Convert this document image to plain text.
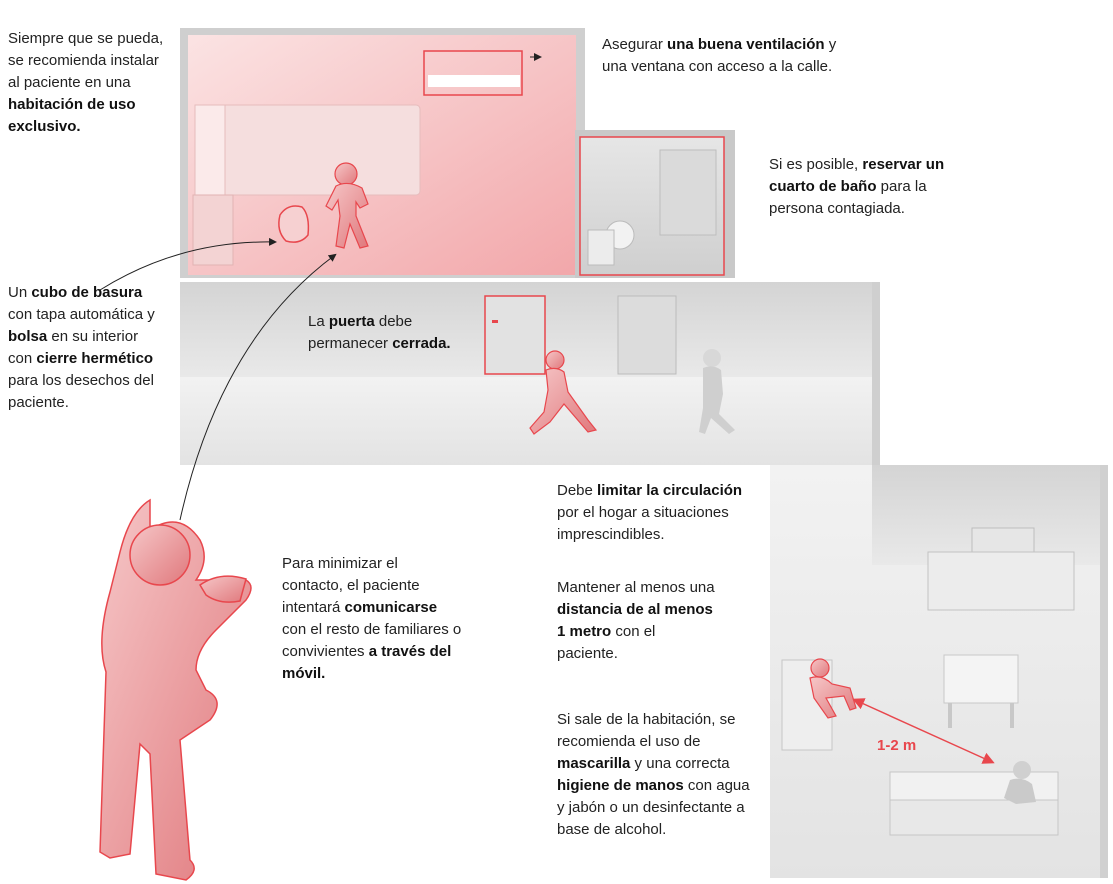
Siempre que se pueda, se recomienda instalar al paciente en una habitación de uso exclusivo.
Asegurar una buena ventilación y una ventana con acceso a la calle.
Si es posible, reservar un cuarto de baño para la persona contagiada.
Un cubo de basura con tapa automática y bolsa en su interior con cierre hermético para los desechos del paciente.
La puerta debe permanecer cerrada.
Para minimizar el contacto, el paciente intentará comunicarse con el resto de familiares o convivientes a través del móvil.
Debe limitar la circulación por el hogar a situaciones imprescindibles.
Mantener al menos una distancia de al menos 1 metro con el paciente.
Si sale de la habitación, se recomienda el uso de mascarilla y una correcta higiene de manos con agua y jabón o un desinfectante a base de alcohol.
1-2 m
